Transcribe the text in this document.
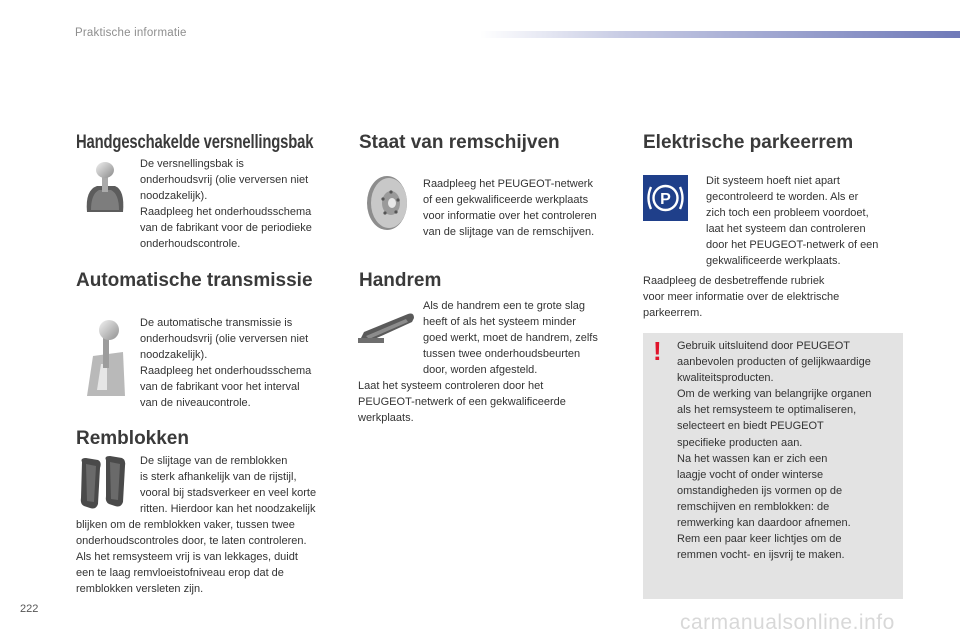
Praktische informatie
Handgeschakelde versnellingsbak

De versnellingsbak is
onderhoudsvrij (olie verversen niet
noodzakelijk).
Raadpleeg het onderhoudsschema
van de fabrikant voor de periodieke
onderhoudscontrole.

Automatische transmissie

De automatische transmissie is
onderhoudsvrij (olie verversen niet
noodzakelijk).
Raadpleeg het onderhoudsschema
van de fabrikant voor het interval
van de niveaucontrole.

Remblokken

De slijtage van de remblokken
is sterk afhankelijk van de rijstijl,
vooral bij stadsverkeer en veel korte
ritten. Hierdoor kan het noodzakelijk

blijken om de remblokken vaker, tussen twee
onderhoudscontroles door, te laten controleren.
Als het remsysteem vrij is van lekkages, duidt
een te laag remvloeistofniveau erop dat de
remblokken versleten zijn.

Staat van remschijven

Raadpleeg het PEUGEOT-netwerk
of een gekwalificeerde werkplaats
voor informatie over het controleren
van de slijtage van de remschijven.

Handrem

Als de handrem een te grote slag
heeft of als het systeem minder
goed werkt, moet de handrem, zelfs
tussen twee onderhoudsbeurten
door, worden afgesteld.

Laat het systeem controleren door het
PEUGEOT-netwerk of een gekwalificeerde
werkplaats.

Elektrische parkeerrem
P

Dit systeem hoeft niet apart
gecontroleerd te worden. Als er
zich toch een probleem voordoet,
laat het systeem dan controleren
door het PEUGEOT-netwerk of een
gekwalificeerde werkplaats.

Raadpleeg de desbetreffende rubriek
voor meer informatie over de elektrische
parkeerrem.

! Gebruik uitsluitend door PEUGEOT
aanbevolen producten of gelijkwaardige
kwaliteitsproducten.
Om de werking van belangrijke organen
als het remsysteem te optimaliseren,
selecteert en biedt PEUGEOT
specifieke producten aan.
Na het wassen kan er zich een
laagje vocht of onder winterse
omstandigheden ijs vormen op de
remschijven en remblokken: de
remwerking kan daardoor afnemen.
Rem een paar keer lichtjes om de
remmen vocht- en ijsvrij te maken.

222
carmanualsonline.info
